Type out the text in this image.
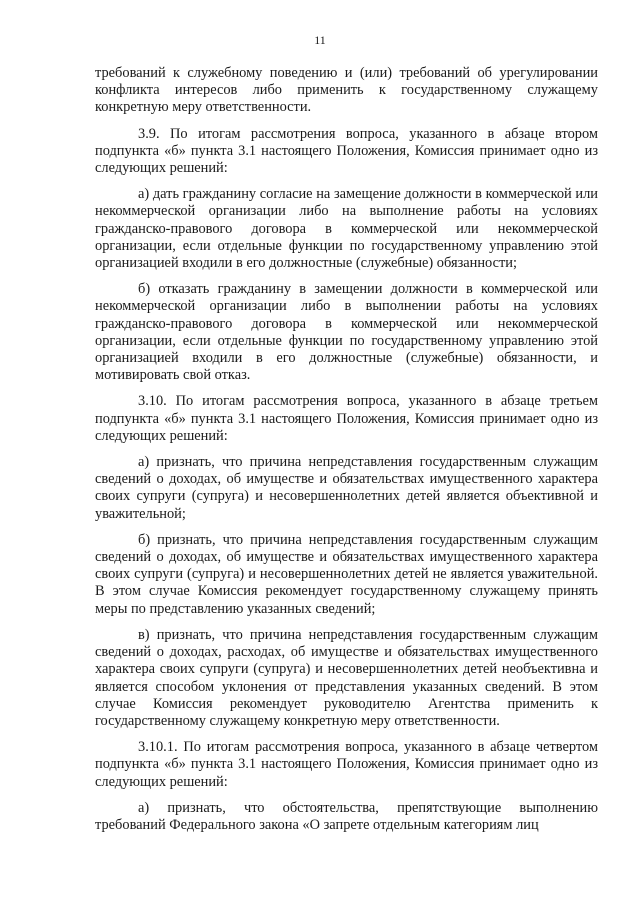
11

требований к служебному поведению и (или) требований об урегулировании конфликта интересов либо применить к государственному служащему конкретную меру ответственности.

3.9. По итогам рассмотрения вопроса, указанного в абзаце втором подпункта «б» пункта 3.1 настоящего Положения, Комиссия принимает одно из следующих решений:

а) дать гражданину согласие на замещение должности в коммерческой или некоммерческой организации либо на выполнение работы на условиях гражданско-правового договора в коммерческой или некоммерческой организации, если отдельные функции по государственному управлению этой организацией входили в его должностные (служебные) обязанности;

б) отказать гражданину в замещении должности в коммерческой или некоммерческой организации либо в выполнении работы на условиях гражданско-правового договора в коммерческой или некоммерческой организации, если отдельные функции по государственному управлению этой организацией входили в его должностные (служебные) обязанности, и мотивировать свой отказ.

3.10. По итогам рассмотрения вопроса, указанного в абзаце третьем подпункта «б» пункта 3.1 настоящего Положения, Комиссия принимает одно из следующих решений:

а) признать, что причина непредставления государственным служащим сведений о доходах, об имуществе и обязательствах имущественного характера своих супруги (супруга) и несовершеннолетних детей является объективной и уважительной;

б) признать, что причина непредставления государственным служащим сведений о доходах, об имуществе и обязательствах имущественного характера своих супруги (супруга) и несовершеннолетних детей не является уважительной. В этом случае Комиссия рекомендует государственному служащему принять меры по представлению указанных сведений;

в) признать, что причина непредставления государственным служащим сведений о доходах, расходах, об имуществе и обязательствах имущественного характера своих супруги (супруга) и несовершеннолетних детей необъективна и является способом уклонения от представления указанных сведений. В этом случае Комиссия рекомендует руководителю Агентства применить к государственному служащему конкретную меру ответственности.

3.10.1. По итогам рассмотрения вопроса, указанного в абзаце четвертом подпункта «б» пункта 3.1 настоящего Положения, Комиссия принимает одно из следующих решений:

а) признать, что обстоятельства, препятствующие выполнению требований Федерального закона «О запрете отдельным категориям лиц
